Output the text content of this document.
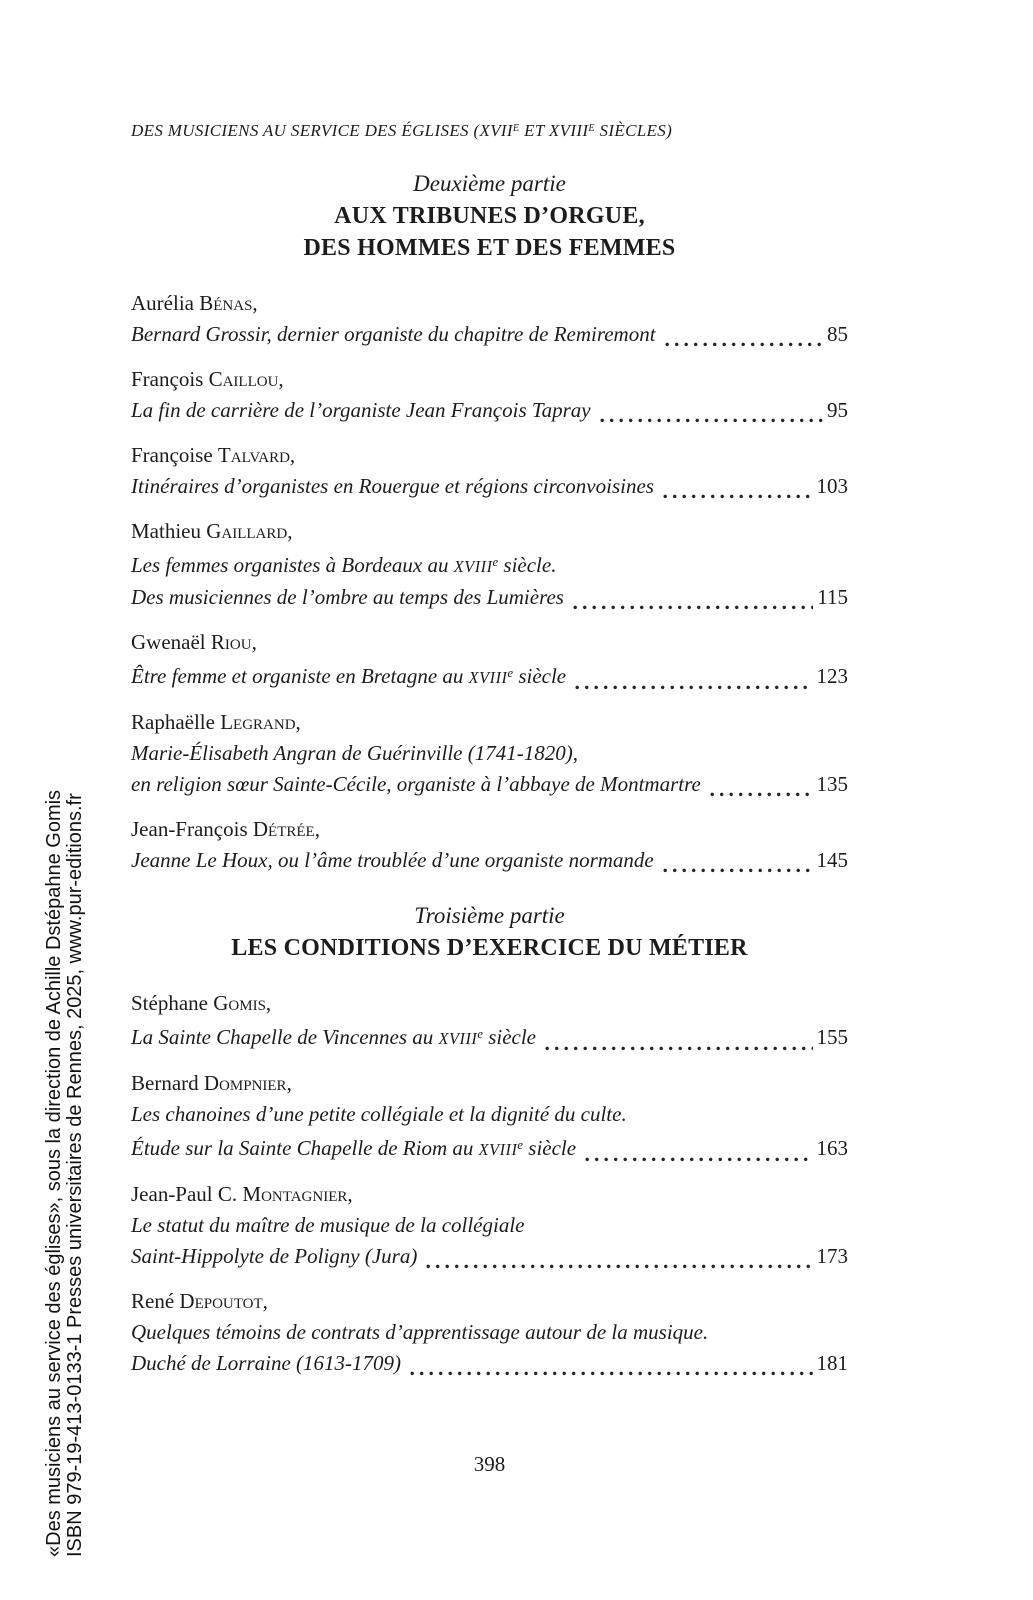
DES MUSICIENS AU SERVICE DES ÉGLISES ($XVII^E$ ET $XVIII^E$ SIÈCLES)
Deuxième partie
AUX TRIBUNES D’ORGUE,
DES HOMMES ET DES FEMMES
Aurélia Bénas,
Bernard Grossir, dernier organiste du chapitre de Remiremont	85
François Caillou,
La fin de carrière de l’organiste Jean François Tapray	95
Françoise Talvard,
Itinéraires d’organistes en Rouergue et régions circonvoisines	103
Mathieu Gaillard,
Les femmes organistes à Bordeaux au XVIIIe siècle.
Des musiciennes de l’ombre au temps des Lumières	115
Gwenaël Riou,
Être femme et organiste en Bretagne au XVIIIe siècle	123
Raphaëlle Legrand,
Marie-Élisabeth Angran de Guérinville (1741-1820),
en religion sœur Sainte-Cécile, organiste à l’abbaye de Montmartre	135
Jean-François Détrée,
Jeanne Le Houx, ou l’âme troublée d’une organiste normande	145
Troisième partie
LES CONDITIONS D’EXERCICE DU MÉTIER
Stéphane Gomis,
La Sainte Chapelle de Vincennes au XVIIIe siècle	155
Bernard Dompnier,
Les chanoines d’une petite collégiale et la dignité du culte.
Étude sur la Sainte Chapelle de Riom au XVIIIe siècle	163
Jean-Paul C. Montagnier,
Le statut du maître de musique de la collégiale
Saint-Hippolyte de Poligny (Jura)	173
René Depoutot,
Quelques témoins de contrats d’apprentissage autour de la musique.
Duché de Lorraine (1613-1709)	181
398
«Des musiciens au service des églises», sous la direction de Achille Dstépahne Gomis ISBN 979-19-413-0133-1 Presses universitaires de Rennes, 2025, www.pur-editions.fr
